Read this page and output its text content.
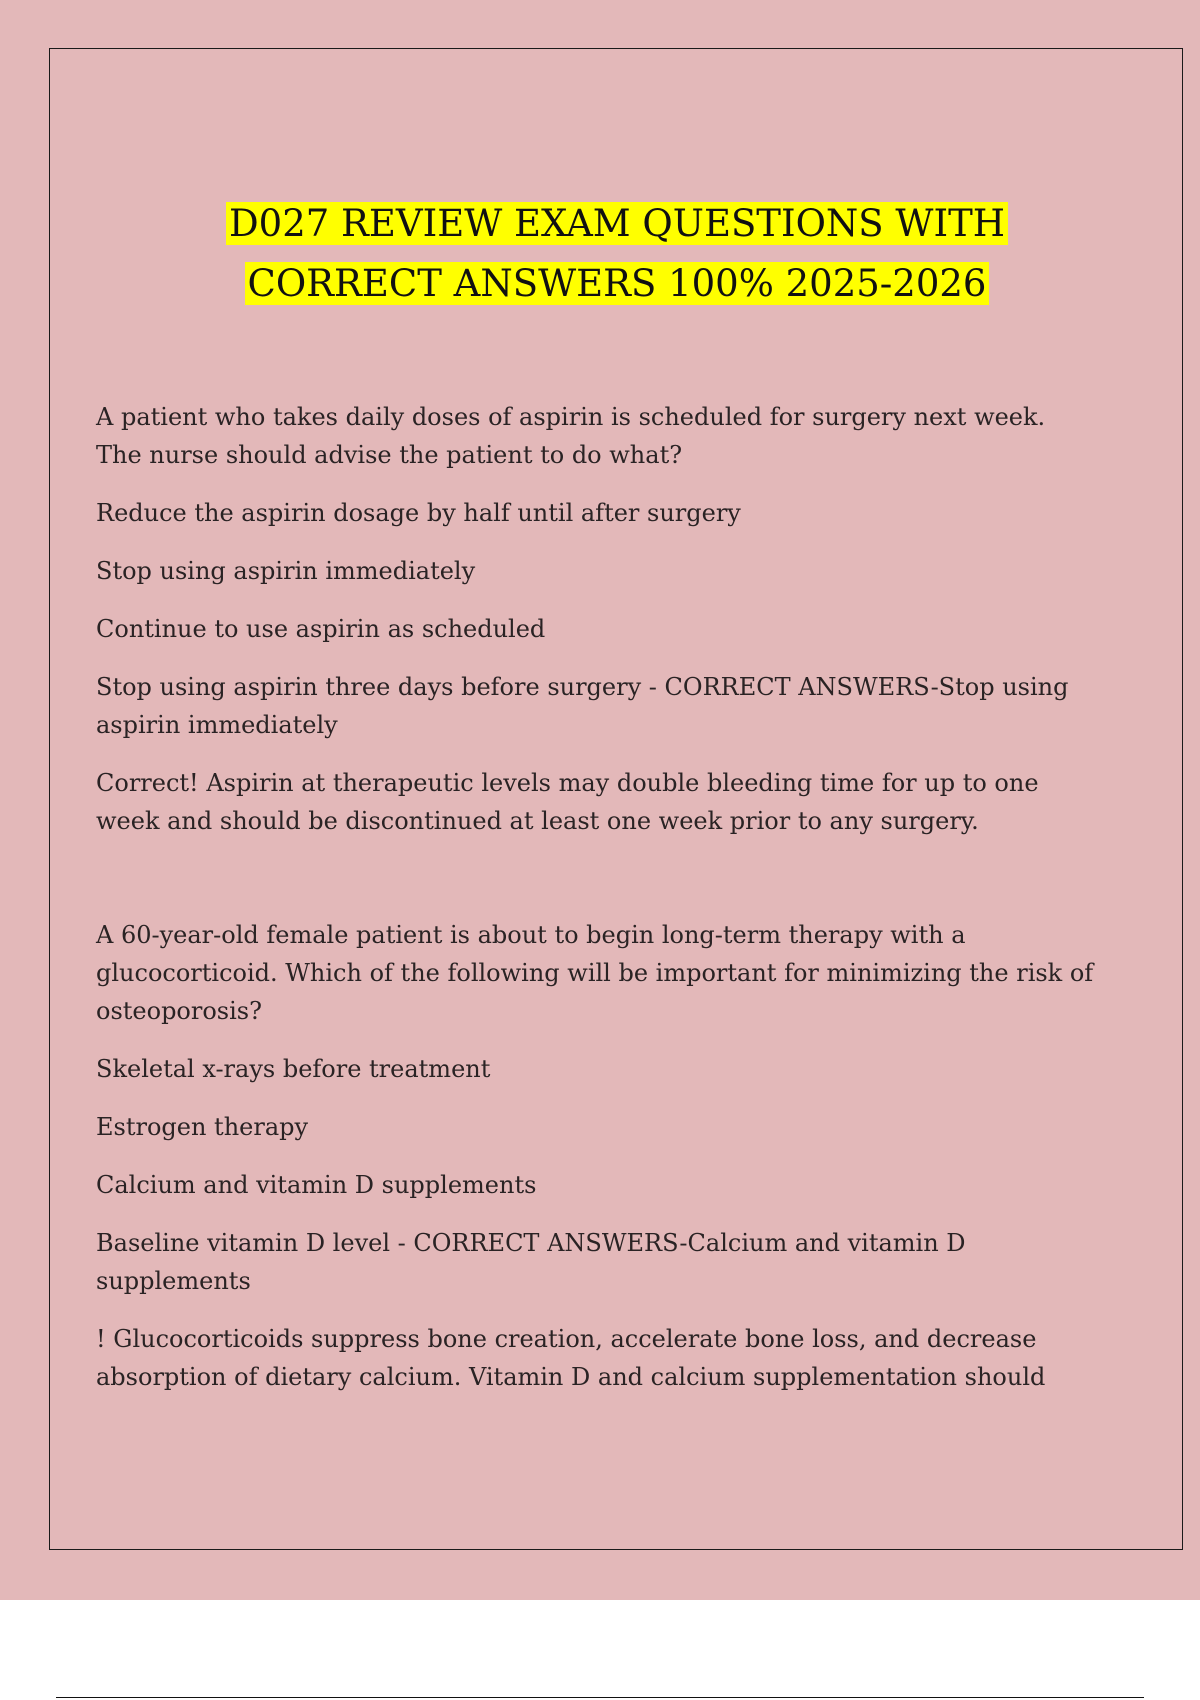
D027 REVIEW EXAM QUESTIONS WITH
CORRECT ANSWERS 100% 2025-2026

A patient who takes daily doses of aspirin is scheduled for surgery next week. The nurse should advise the patient to do what?

Reduce the aspirin dosage by half until after surgery

Stop using aspirin immediately

Continue to use aspirin as scheduled

Stop using aspirin three days before surgery - CORRECT ANSWERS-Stop using aspirin immediately

Correct! Aspirin at therapeutic levels may double bleeding time for up to one week and should be discontinued at least one week prior to any surgery.

A 60-year-old female patient is about to begin long-term therapy with a glucocorticoid. Which of the following will be important for minimizing the risk of osteoporosis?

Skeletal x-rays before treatment

Estrogen therapy

Calcium and vitamin D supplements

Baseline vitamin D level - CORRECT ANSWERS-Calcium and vitamin D supplements

! Glucocorticoids suppress bone creation, accelerate bone loss, and decrease absorption of dietary calcium. Vitamin D and calcium supplementation should
